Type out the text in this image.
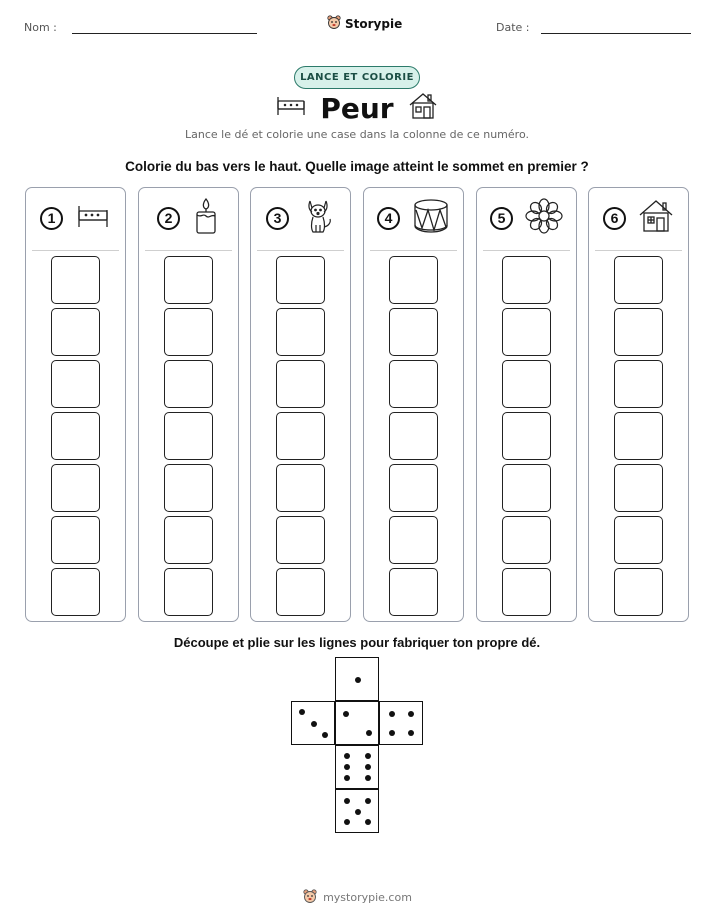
Nom :	Storypie	Date :
LANCE ET COLORIE
Peur
Lance le dé et colorie une case dans la colonne de ce numéro.
Colorie du bas vers le haut. Quelle image atteint le sommet en premier ?
1	2	3	4	5	6
Découpe et plie sur les lignes pour fabriquer ton propre dé.
mystorypie.com
